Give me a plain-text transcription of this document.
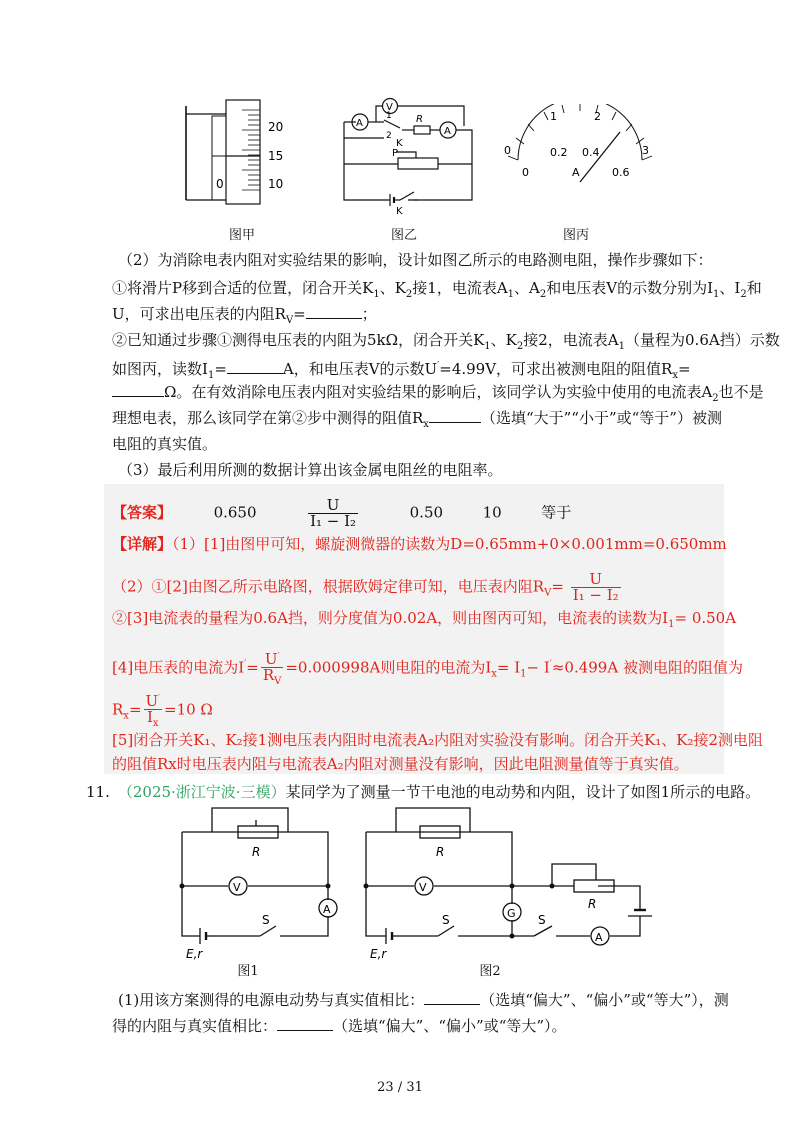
20
15
10
0
图甲
A
V
A
R
P
K
1
2
K
图乙
0
1	2
3
0
0.2 0.4
0.6
A
图丙
（2）为消除电表内阻对实验结果的影响，设计如图乙所示的电路测电阻，操作步骤如下：
①将滑片P移到合适的位置，闭合开关$K_1$、$K_2$接1，电流表$A_1$、$A_2$和电压表V的示数分别为$I_1$、$I_2$和
U，可求出电压表的内阻$R_V=$	；
②已知通过步骤①测得电压表的内阻为5kΩ，闭合开关$K_1$、$K_2$接2，电流表$A_1$（量程为0.6A挡）示数
如图丙，读数$I_1=$	A，和电压表V的示数U′=4.99V，可求出被测电阻的阻值$R_x=$
Ω。在有效消除电压表内阻对实验结果的影响后，该同学认为实验中使用的电流表$A_2$也不是
理想电表，那么该同学在第②步中测得的阻值$R_x$	（选填“大于”“小于”或“等于”）被测
电阻的真实值。
（3）最后利用所测的数据计算出该金属电阻丝的电阻率。
【答案】	0.650	$\frac{U}{\text{I₁ − I₂}}$	0.50	10	等于
【详解】（1）[1]由图甲可知，螺旋测微器的读数为D=0.65mm+0×0.001mm=0.650mm
（2）①[2]由图乙所示电路图，根据欧姆定律可知，电压表内阻$R_V= \frac{U}{\text{I₁ − I₂}}$
②[3]电流表的量程为0.6A挡，则分度值为0.02A，则由图丙可知，电流表的读数为$I_1= 0.50A$
[4]电压表的电流为$I'= \frac{U'}{R_V} =0.000998A$则电阻的电流为$I_x= I_1- I'\approx 0.499A$ 被测电阻的阻值为
$R_x= \frac{U'}{I_x} =10$ Ω
[5]闭合开关K₁、K₂接1测电压表内阻时电流表A₂内阻对实验没有影响。闭合开关K₁、K₂接2测电阻
的阻值Rx时电压表内阻与电流表A₂内阻对测量没有影响，因此电阻测量值等于真实值。
11. （2025·浙江宁波·三模）某同学为了测量一节干电池的电动势和内阻，设计了如图1所示的电路。
R
V
A
S
E,r
图1
R
V
G
A
S	S
R
E,r
图2
(1)用该方案测得的电源电动势与真实值相比：	（选填“偏大”、“偏小”或“等大”），测
得的内阻与真实值相比：	（选填“偏大”、“偏小”或“等大”）。
23 / 31
